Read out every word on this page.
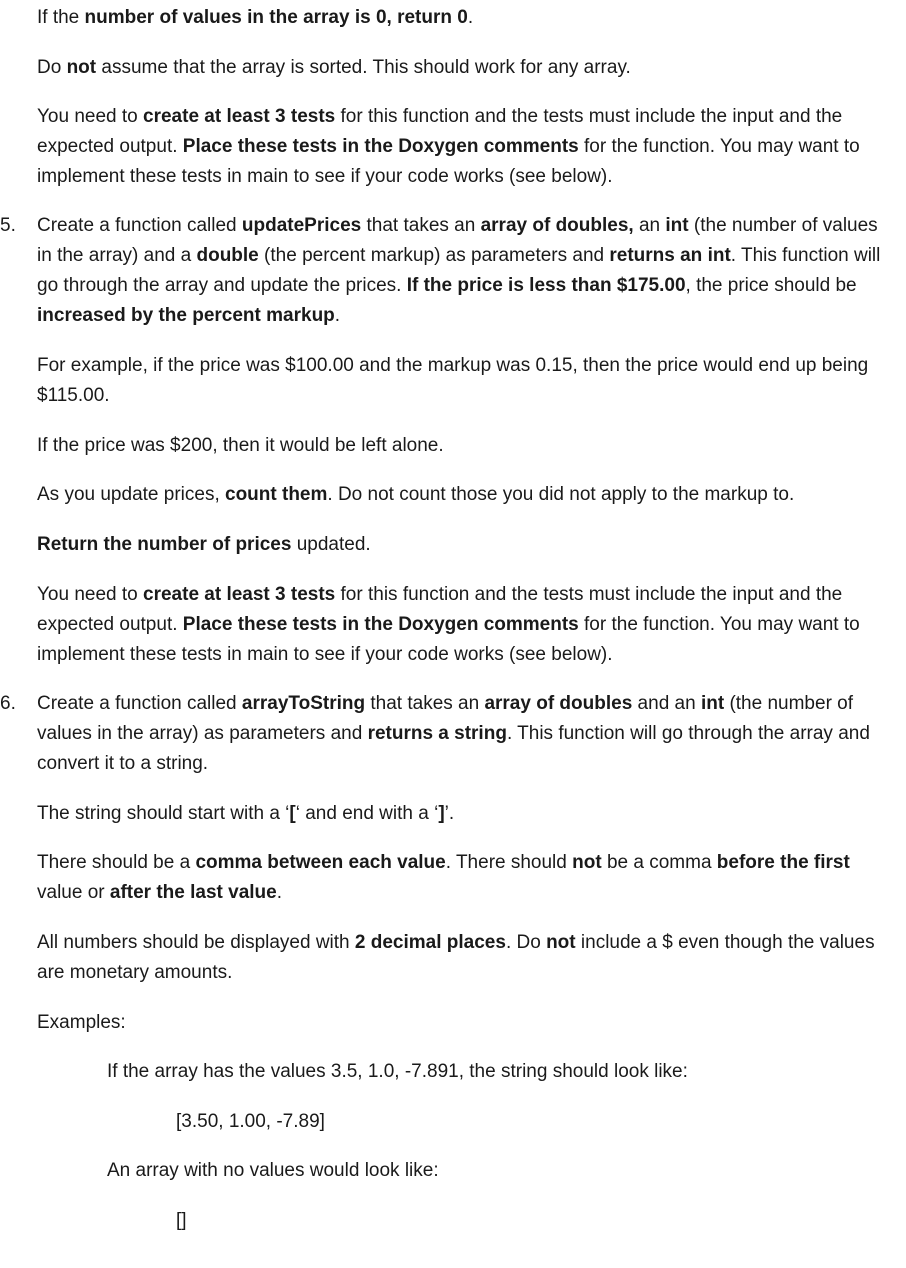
If the number of values in the array is 0, return 0.

Do not assume that the array is sorted. This should work for any array.

You need to create at least 3 tests for this function and the tests must include the input and the expected output. Place these tests in the Doxygen comments for the function. You may want to implement these tests in main to see if your code works (see below).

5. Create a function called updatePrices that takes an array of doubles, an int (the number of values in the array) and a double (the percent markup) as parameters and returns an int. This function will go through the array and update the prices. If the price is less than $175.00, the price should be increased by the percent markup.

For example, if the price was $100.00 and the markup was 0.15, then the price would end up being $115.00.

If the price was $200, then it would be left alone.

As you update prices, count them. Do not count those you did not apply to the markup to.

Return the number of prices updated.

You need to create at least 3 tests for this function and the tests must include the input and the expected output. Place these tests in the Doxygen comments for the function. You may want to implement these tests in main to see if your code works (see below).

6. Create a function called arrayToString that takes an array of doubles and an int (the number of values in the array) as parameters and returns a string. This function will go through the array and convert it to a string.

The string should start with a ‘[‘ and end with a ‘]’.

There should be a comma between each value. There should not be a comma before the first value or after the last value.

All numbers should be displayed with 2 decimal places. Do not include a $ even though the values are monetary amounts.

Examples:

If the array has the values 3.5, 1.0, -7.891, the string should look like:

[3.50, 1.00, -7.89]

An array with no values would look like:

[]
